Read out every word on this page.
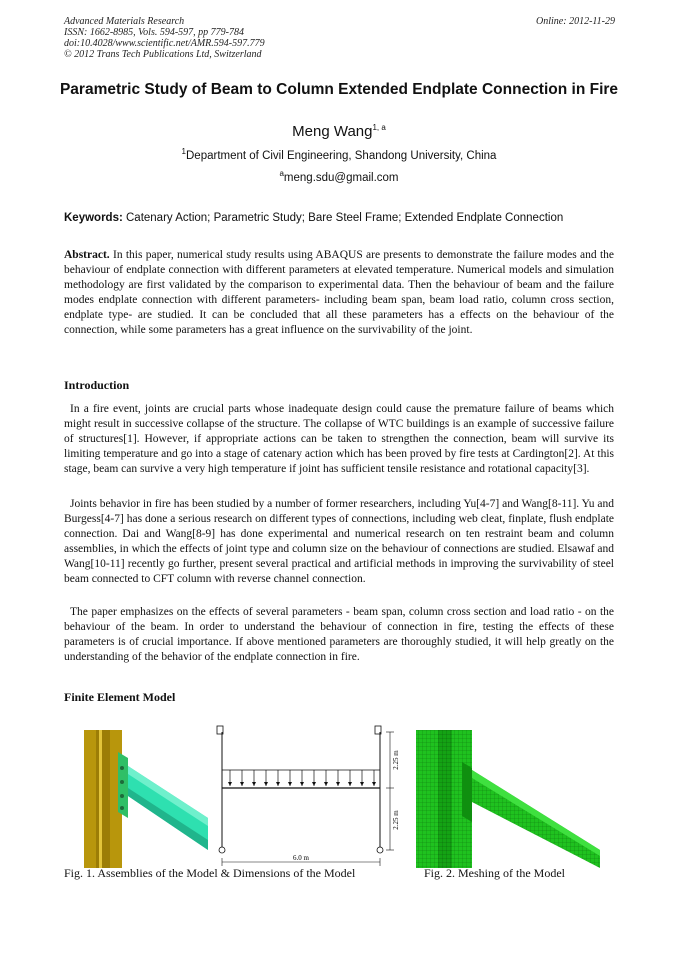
Advanced Materials Research
ISSN: 1662-8985, Vols. 594-597, pp 779-784
doi:10.4028/www.scientific.net/AMR.594-597.779
© 2012 Trans Tech Publications Ltd, Switzerland
Online: 2012-11-29
Parametric Study of Beam to Column Extended Endplate Connection in Fire
Meng Wang$^{1, a}$
$^1$Department of Civil Engineering, Shandong University, China
$^a$meng.sdu@gmail.com
Keywords: Catenary Action; Parametric Study; Bare Steel Frame; Extended Endplate Connection
Abstract. In this paper, numerical study results using ABAQUS are presents to demonstrate the failure modes and the behaviour of endplate connection with different parameters at elevated temperature. Numerical models and simulation methodology are first validated by the comparison to experimental data. Then the behaviour of beam and the failure modes endplate connection with different parameters- including beam span, beam load ratio, column cross section, endplate type- are studied. It can be concluded that all these parameters has a effects on the behaviour of the connection, while some parameters has a great influence on the survivability of the joint.
Introduction
In a fire event, joints are crucial parts whose inadequate design could cause the premature failure of beams which might result in successive collapse of the structure. The collapse of WTC buildings is an example of successive failure of structures[1]. However, if appropriate actions can be taken to strengthen the connection, beam will survive its limiting temperature and go into a stage of catenary action which has been proved by fire tests at Cardington[2]. At this stage, beam can survive a very high temperature if joint has sufficient tensile resistance and rotational capacity[3].
Joints behavior in fire has been studied by a number of former researchers, including Yu[4-7] and Wang[8-11]. Yu and Burgess[4-7] has done a serious research on different types of connections, including web cleat, finplate, flush endplate connection. Dai and Wang[8-9] has done experimental and numerical research on ten restraint beam and column assemblies, in which the effects of joint type and column size on the behaviour of connections are studied. Elsawaf and Wang[10-11] recently go further, present several practical and artificial methods in improving the survivability of steel beam connected to CFT column with reverse channel connection.
The paper emphasizes on the effects of several parameters - beam span, column cross section and load ratio - on the behaviour of the beam. In order to understand the behaviour of connection in fire, testing the effects of these parameters is of crucial importance. If above mentioned parameters are thoroughly studied, it will help greatly on the understanding of the behavior of the endplate connection in fire.
Finite Element Model
2.25 m
2.25 m
6.0 m
Fig. 1. Assemblies of the Model & Dimensions of the Model	Fig. 2. Meshing of the Model
